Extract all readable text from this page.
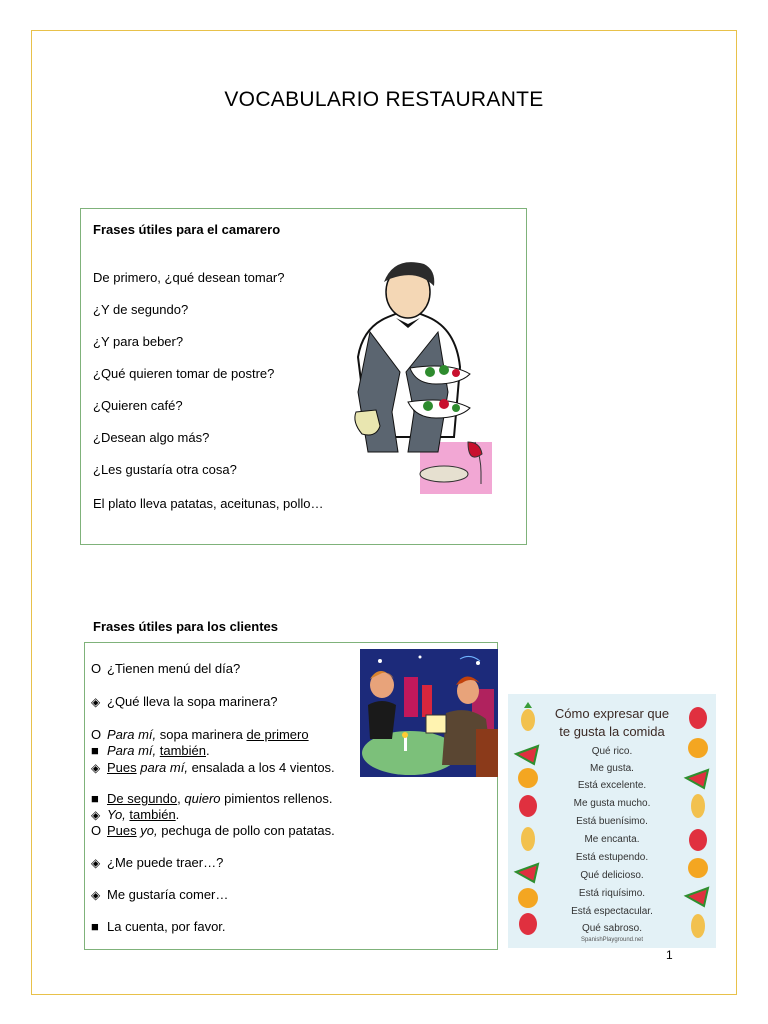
VOCABULARIO RESTAURANTE
Frases útiles para el camarero
De primero, ¿qué desean tomar?
¿Y de segundo?
¿Y para beber?
¿Qué quieren tomar de postre?
¿Quieren café?
¿Desean algo más?
¿Les gustaría otra cosa?
El plato lleva patatas, aceitunas, pollo…
Frases útiles para los clientes
O ¿Tienen menú del día?
◈ ¿Qué lleva la sopa marinera?
O Para mí, sopa marinera de primero
■ Para mí, también.
◈ Pues para mí, ensalada a los 4 vientos.
■ De segundo, quiero pimientos rellenos.
◈ Yo, también.
O Pues yo, pechuga de pollo con patatas.
◈ ¿Me puede traer…?
◈ Me gustaría comer…
■ La cuenta, por favor.
Cómo expresar que
te gusta la comida
Qué rico.
Me gusta.
Está excelente.
Me gusta mucho.
Está buenísimo.
Me encanta.
Está estupendo.
Qué delicioso.
Está riquísimo.
Está espectacular.
Qué sabroso.
SpanishPlayground.net
1
